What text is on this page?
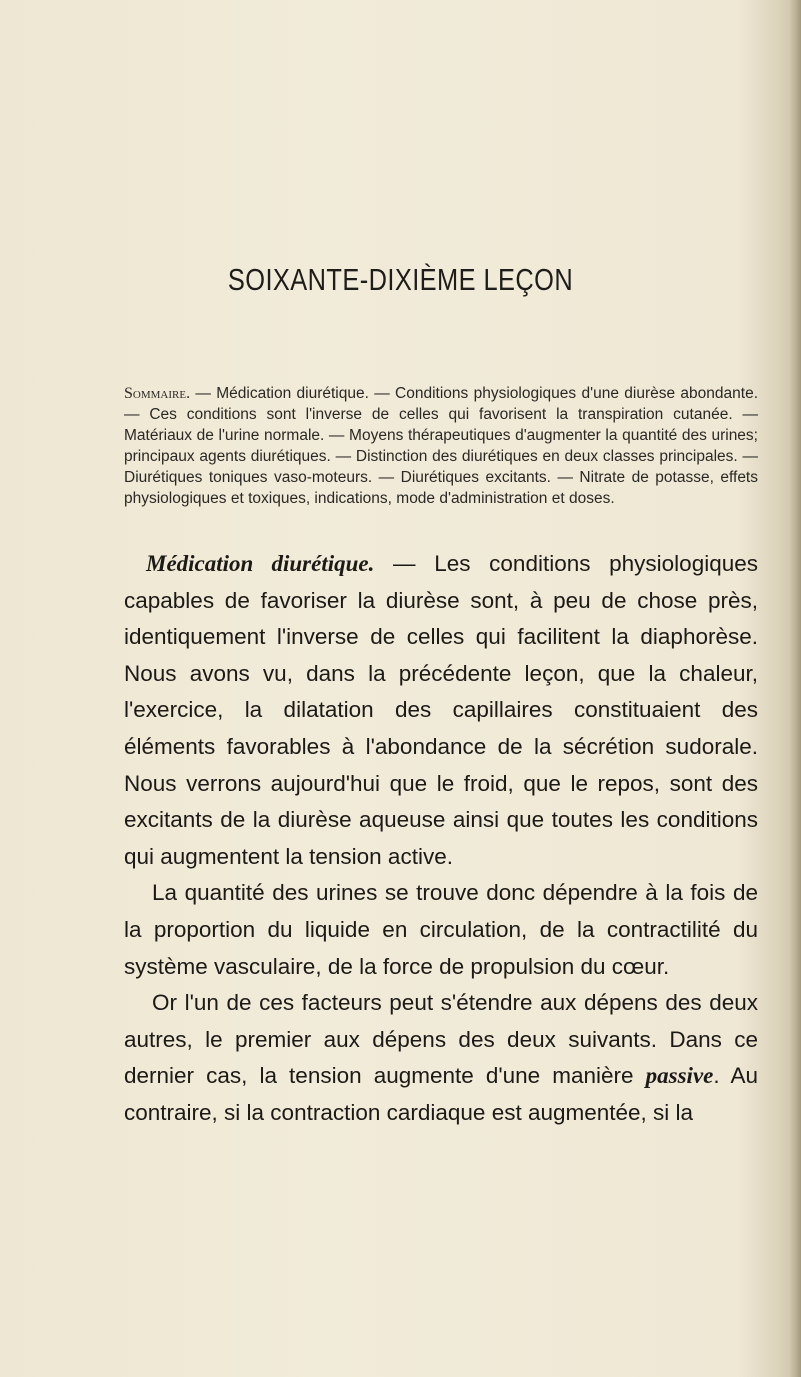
SOIXANTE-DIXIÈME LEÇON
Sommaire. — Médication diurétique. — Conditions physiologiques d'une diurèse abondante. — Ces conditions sont l'inverse de celles qui favorisent la transpiration cutanée. — Matériaux de l'urine normale. — Moyens thérapeutiques d'augmenter la quantité des urines; principaux agents diurétiques. — Distinction des diurétiques en deux classes principales. — Diurétiques toniques vaso-moteurs. — Diurétiques excitants. — Nitrate de potasse, effets physiologiques et toxiques, indications, mode d'administration et doses.

Médication diurétique. — Les conditions physiologiques capables de favoriser la diurèse sont, à peu de chose près, identiquement l'inverse de celles qui facilitent la diaphorèse. Nous avons vu, dans la précédente leçon, que la chaleur, l'exercice, la dilatation des capillaires constituaient des éléments favorables à l'abondance de la sécrétion sudorale. Nous verrons aujourd'hui que le froid, que le repos, sont des excitants de la diurèse aqueuse ainsi que toutes les conditions qui augmentent la tension active.

La quantité des urines se trouve donc dépendre à la fois de la proportion du liquide en circulation, de la contractilité du système vasculaire, de la force de propulsion du cœur.

Or l'un de ces facteurs peut s'étendre aux dépens des deux autres, le premier aux dépens des deux suivants. Dans ce dernier cas, la tension augmente d'une manière passive. Au contraire, si la contraction cardiaque est augmentée, si la
